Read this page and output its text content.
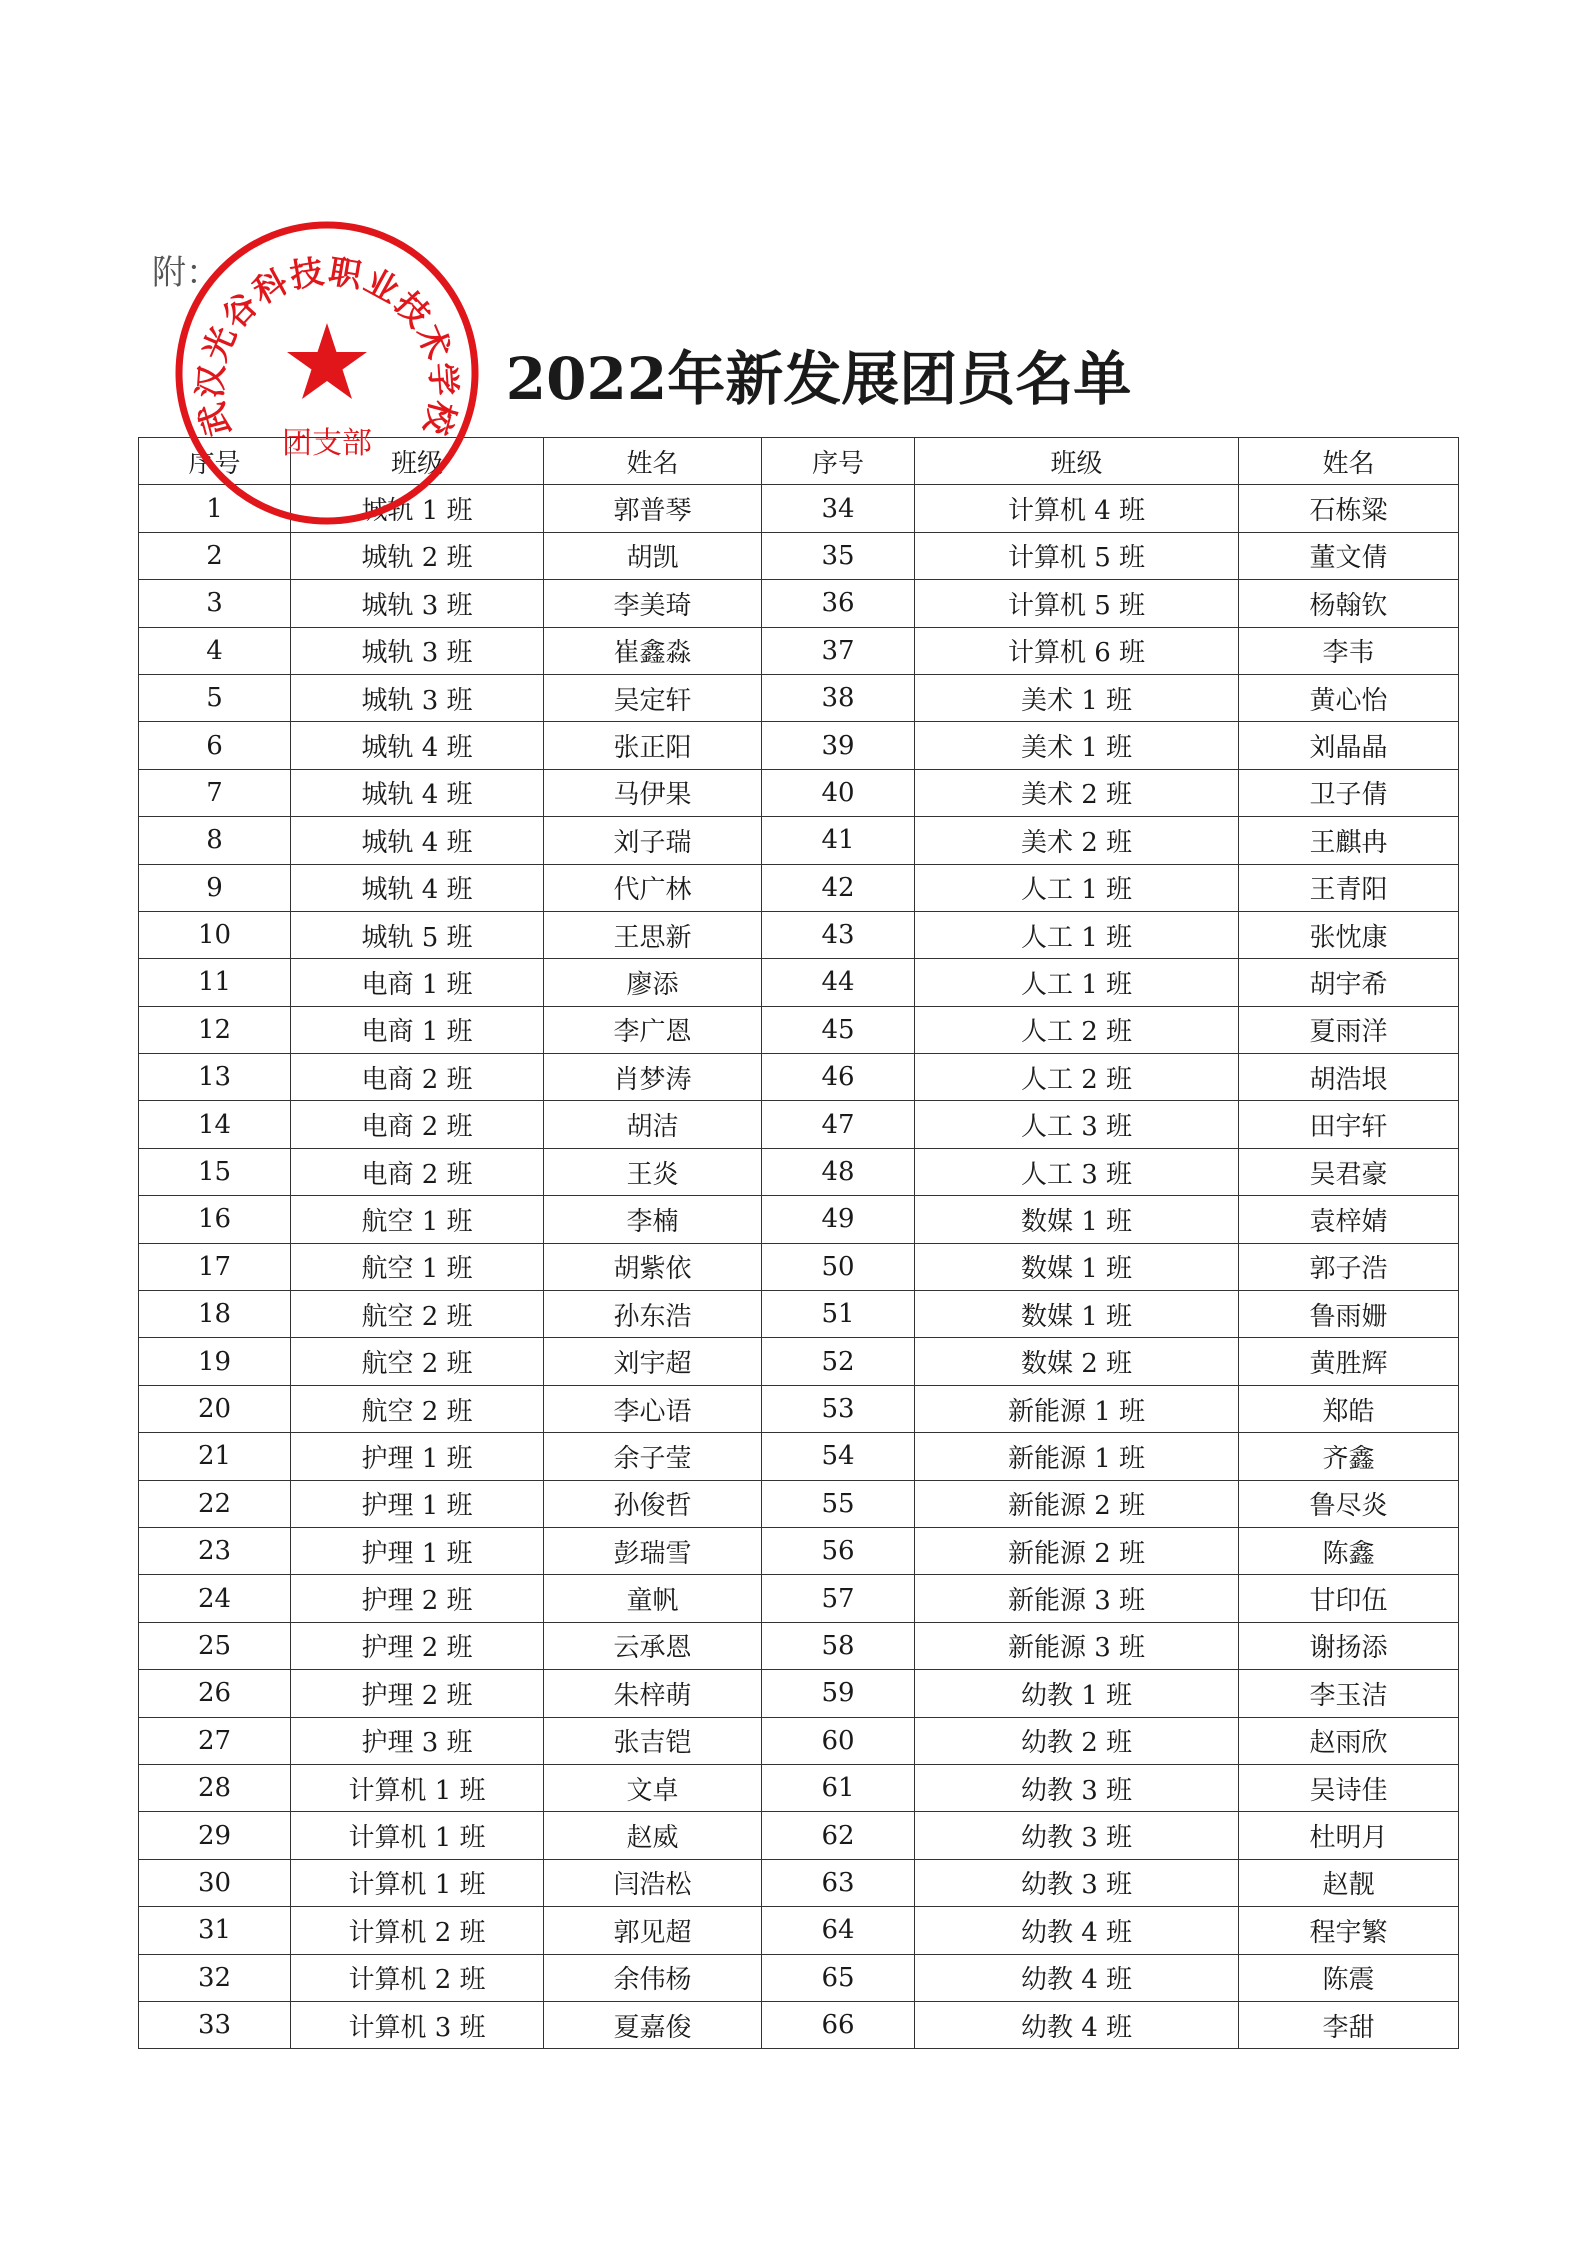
附：
2022年新发展团员名单
序号	班级	姓名	序号	班级	姓名
1	城轨 1 班	郭普琴	34	计算机 4 班	石栋粱
2	城轨 2 班	胡凯	35	计算机 5 班	董文倩
3	城轨 3 班	李美琦	36	计算机 5 班	杨翰钦
4	城轨 3 班	崔鑫淼	37	计算机 6 班	李韦
5	城轨 3 班	吴定轩	38	美术 1 班	黄心怡
6	城轨 4 班	张正阳	39	美术 1 班	刘晶晶
7	城轨 4 班	马伊果	40	美术 2 班	卫子倩
8	城轨 4 班	刘子瑞	41	美术 2 班	王麒冉
9	城轨 4 班	代广林	42	人工 1 班	王青阳
10	城轨 5 班	王思新	43	人工 1 班	张忱康
11	电商 1 班	廖添	44	人工 1 班	胡宇希
12	电商 1 班	李广恩	45	人工 2 班	夏雨洋
13	电商 2 班	肖梦涛	46	人工 2 班	胡浩垠
14	电商 2 班	胡洁	47	人工 3 班	田宇轩
15	电商 2 班	王炎	48	人工 3 班	吴君豪
16	航空 1 班	李楠	49	数媒 1 班	袁梓婧
17	航空 1 班	胡紫依	50	数媒 1 班	郭子浩
18	航空 2 班	孙东浩	51	数媒 1 班	鲁雨姗
19	航空 2 班	刘宇超	52	数媒 2 班	黄胜辉
20	航空 2 班	李心语	53	新能源 1 班	郑皓
21	护理 1 班	余子莹	54	新能源 1 班	齐鑫
22	护理 1 班	孙俊哲	55	新能源 2 班	鲁尽炎
23	护理 1 班	彭瑞雪	56	新能源 2 班	陈鑫
24	护理 2 班	童帆	57	新能源 3 班	甘印伍
25	护理 2 班	云承恩	58	新能源 3 班	谢扬添
26	护理 2 班	朱梓萌	59	幼教 1 班	李玉洁
27	护理 3 班	张吉铠	60	幼教 2 班	赵雨欣
28	计算机 1 班	文卓	61	幼教 3 班	吴诗佳
29	计算机 1 班	赵威	62	幼教 3 班	杜明月
30	计算机 1 班	闫浩松	63	幼教 3 班	赵靓
31	计算机 2 班	郭见超	64	幼教 4 班	程宇繁
32	计算机 2 班	余伟杨	65	幼教 4 班	陈震
33	计算机 3 班	夏嘉俊	66	幼教 4 班	李甜
武汉光谷科技职业技术学校
团支部
